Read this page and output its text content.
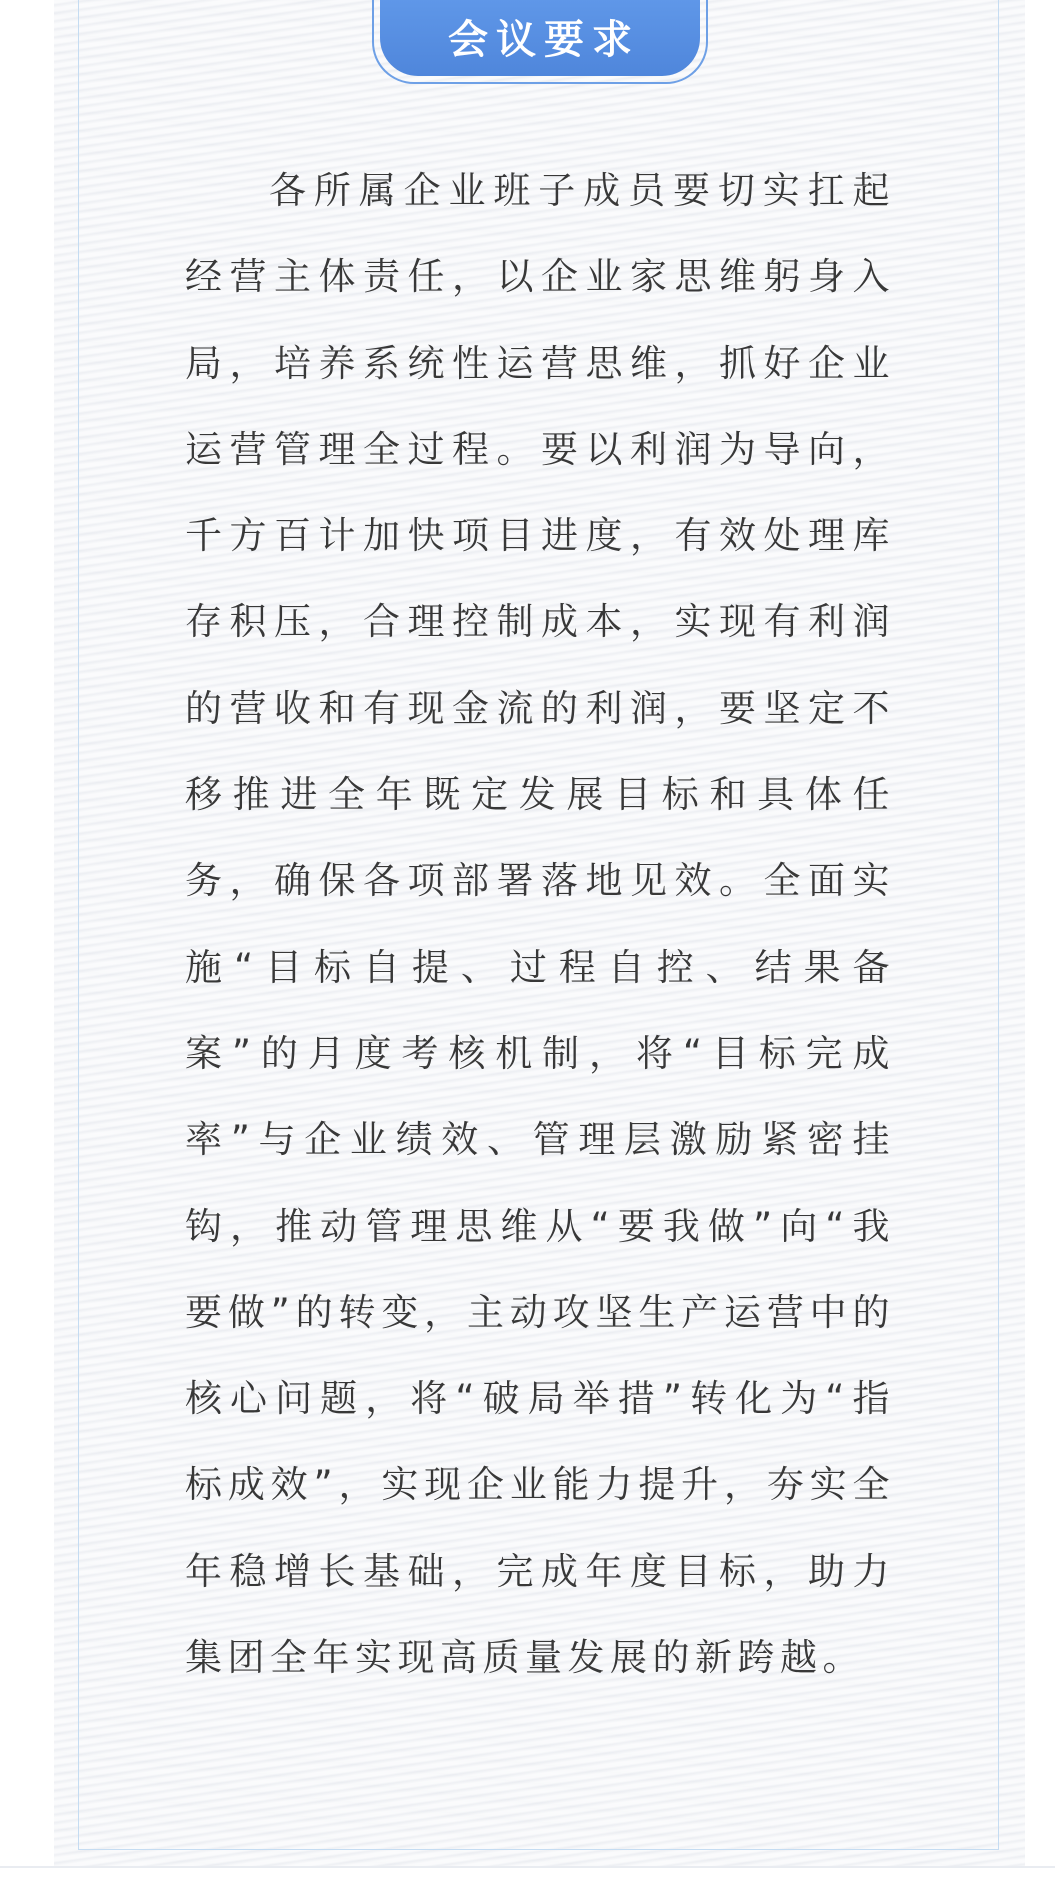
会议要求

各所属企业班子成员要切实扛起经营主体责任，以企业家思维躬身入局，培养系统性运营思维，抓好企业运营管理全过程。要以利润为导向，千方百计加快项目进度，有效处理库存积压，合理控制成本，实现有利润的营收和有现金流的利润，要坚定不移推进全年既定发展目标和具体任务，确保各项部署落地见效。全面实施“目标自提、过程自控、结果备案”的月度考核机制，将“目标完成率”与企业绩效、管理层激励紧密挂钩，推动管理思维从“要我做”向“我要做”的转变，主动攻坚生产运营中的核心问题，将“破局举措”转化为“指标成效”，实现企业能力提升，夯实全年稳增长基础，完成年度目标，助力集团全年实现高质量发展的新跨越。
